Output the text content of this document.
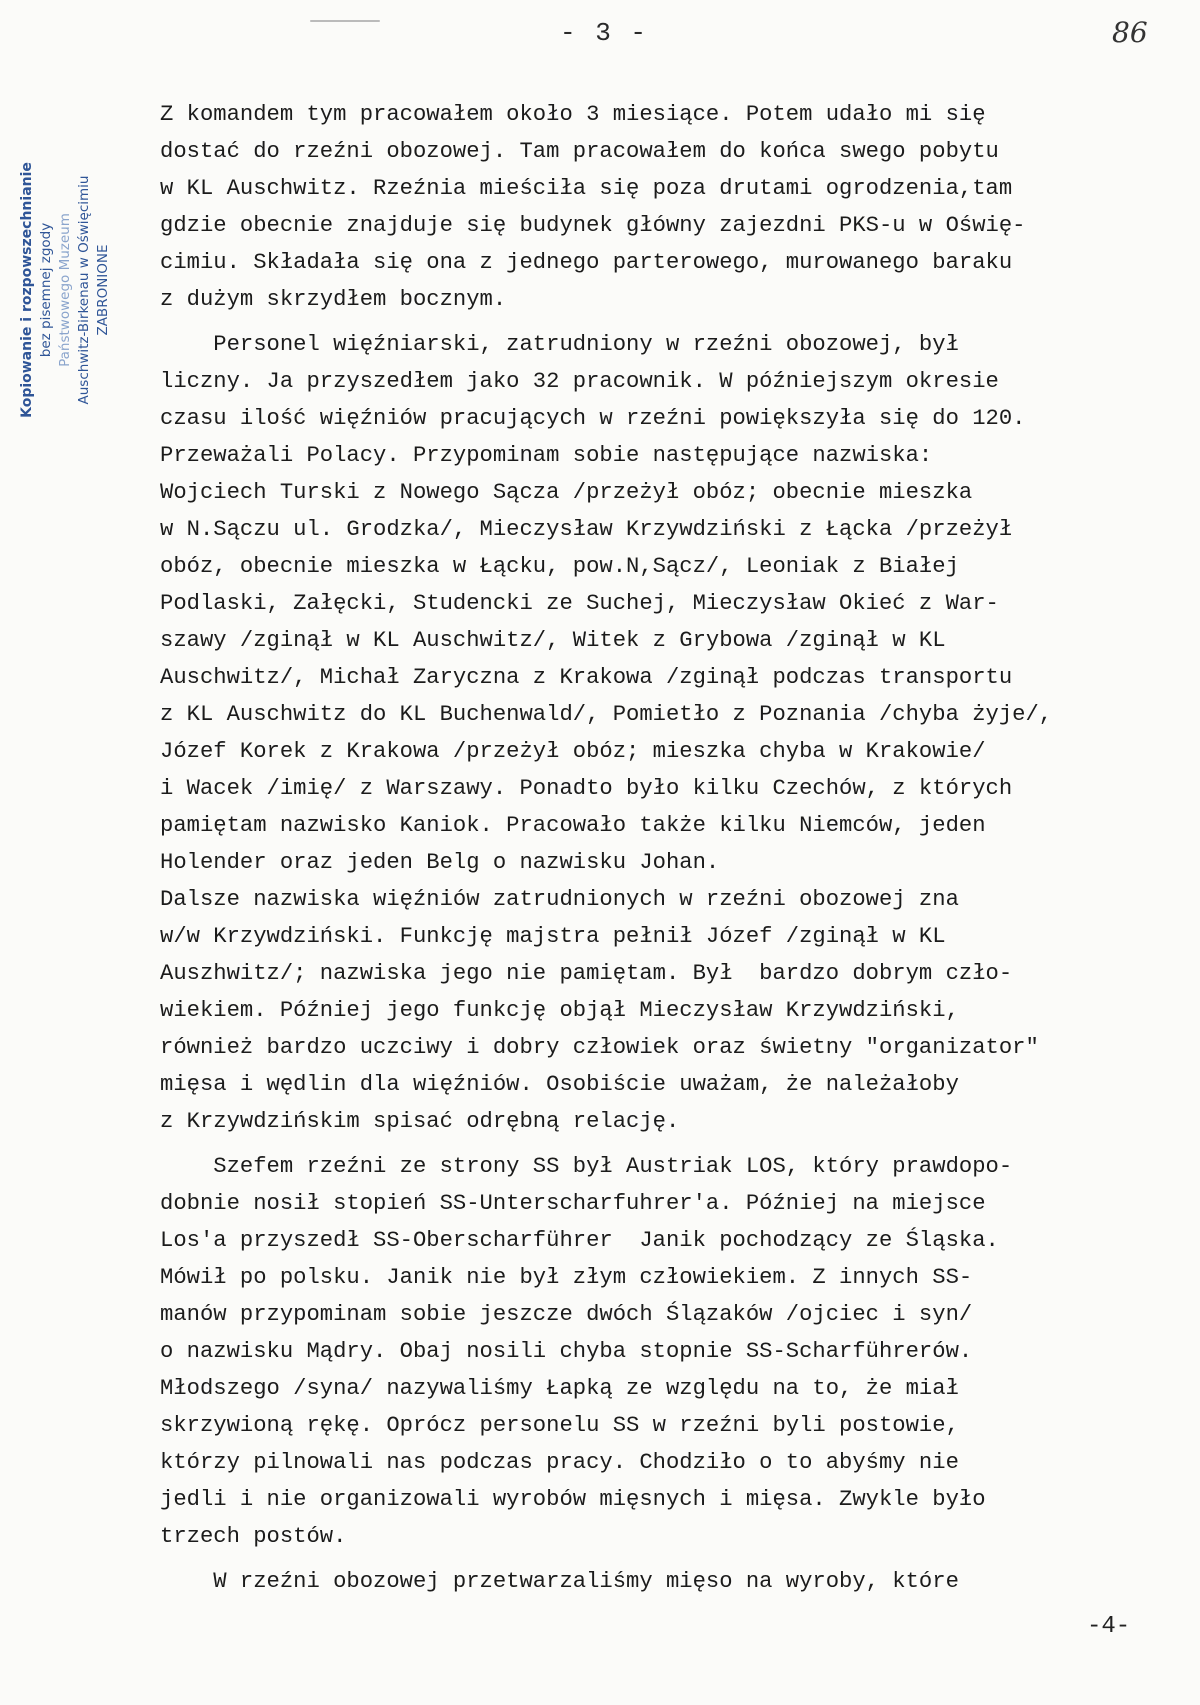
- 3 -	86
Kopiowanie i rozpowszechnianie bez pisemnej zgody Państwowego Muzeum Auschwitz-Birkenau w Oświęcimiu ZABRONIONE
Z komandem tym pracowałem około 3 miesiące. Potem udało mi się
dostać do rzeźni obozowej. Tam pracowałem do końca swego pobytu
w KL Auschwitz. Rzeźnia mieściła się poza drutami ogrodzenia,tam
gdzie obecnie znajduje się budynek główny zajezdni PKS-u w Oświę-
cimiu. Składała się ona z jednego parterowego, murowanego baraku
z dużym skrzydłem bocznym.
Personel więźniarski, zatrudniony w rzeźni obozowej, był
liczny. Ja przyszedłem jako 32 pracownik. W późniejszym okresie
czasu ilość więźniów pracujących w rzeźni powiększyła się do 120.
Przeważali Polacy. Przypominam sobie następujące nazwiska:
Wojciech Turski z Nowego Sącza /przeżył obóz; obecnie mieszka
w N.Sączu ul. Grodzka/, Mieczysław Krzywdziński z Łącka /przeżył
obóz, obecnie mieszka w Łącku, pow.N,Sącz/, Leoniak z Białej
Podlaski, Załęcki, Studencki ze Suchej, Mieczysław Okieć z War-
szawy /zginął w KL Auschwitz/, Witek z Grybowa /zginął w KL
Auschwitz/, Michał Zaryczna z Krakowa /zginął podczas transportu
z KL Auschwitz do KL Buchenwald/, Pomietło z Poznania /chyba żyje/,
Józef Korek z Krakowa /przeżył obóz; mieszka chyba w Krakowie/
i Wacek /imię/ z Warszawy. Ponadto było kilku Czechów, z których
pamiętam nazwisko Kaniok. Pracowało także kilku Niemców, jeden
Holender oraz jeden Belg o nazwisku Johan.
Dalsze nazwiska więźniów zatrudnionych w rzeźni obozowej zna
w/w Krzywdziński. Funkcję majstra pełnił Józef /zginął w KL
Auszhwitz/; nazwiska jego nie pamiętam. Był  bardzo dobrym czło-
wiekiem. Później jego funkcję objął Mieczysław Krzywdziński,
również bardzo uczciwy i dobry człowiek oraz świetny "organizator"
mięsa i wędlin dla więźniów. Osobiście uważam, że należałoby
z Krzywdzińskim spisać odrębną relację.
Szefem rzeźni ze strony SS był Austriak LOS, który prawdopo-
dobnie nosił stopień SS-Unterscharfuhrer'a. Później na miejsce
Los'a przyszedł SS-Oberscharführer  Janik pochodzący ze Śląska.
Mówił po polsku. Janik nie był złym człowiekiem. Z innych SS-
manów przypominam sobie jeszcze dwóch Ślązaków /ojciec i syn/
o nazwisku Mądry. Obaj nosili chyba stopnie SS-Scharführerów.
Młodszego /syna/ nazywaliśmy Łapką ze względu na to, że miał
skrzywioną rękę. Oprócz personelu SS w rzeźni byli postowie,
którzy pilnowali nas podczas pracy. Chodziło o to abyśmy nie
jedli i nie organizowali wyrobów mięsnych i mięsa. Zwykle było
trzech postów.
W rzeźni obozowej przetwarzaliśmy mięso na wyroby, które
-4-
